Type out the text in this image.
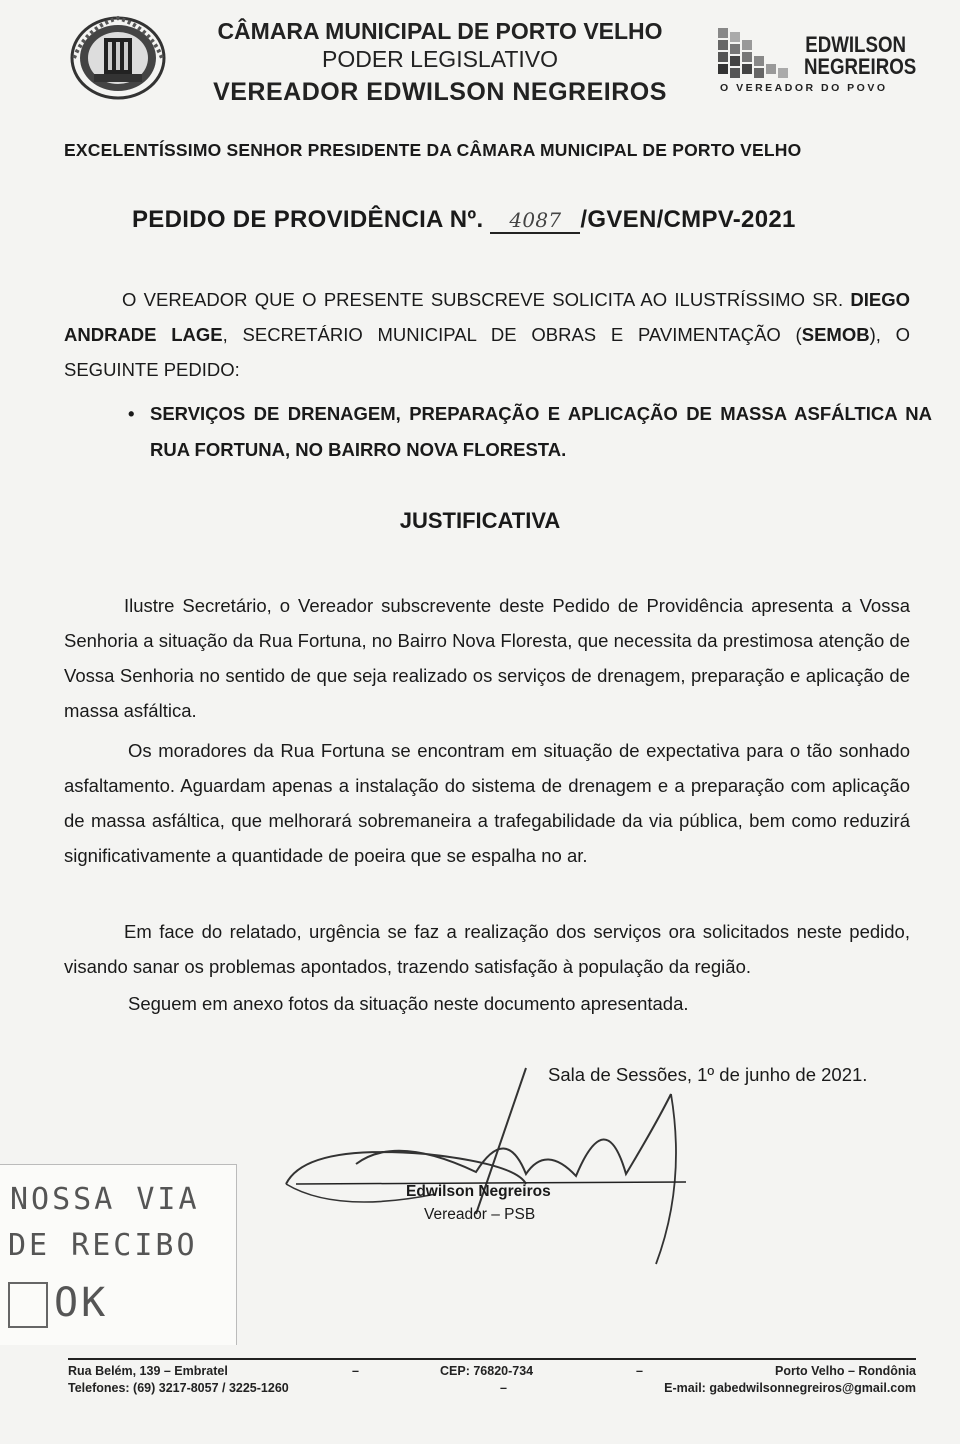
CÂMARA MUNICIPAL DE PORTO VELHO
PODER LEGISLATIVO
VEREADOR EDWILSON NEGREIROS
EDWILSON
NEGREIROS
O VEREADOR DO POVO
EXCELENTÍSSIMO SENHOR PRESIDENTE DA CÂMARA MUNICIPAL DE PORTO VELHO
PEDIDO DE PROVIDÊNCIA Nº. 4087 /GVEN/CMPV-2021
O VEREADOR QUE O PRESENTE SUBSCREVE SOLICITA AO ILUSTRÍSSIMO SR. DIEGO ANDRADE LAGE, SECRETÁRIO MUNICIPAL DE OBRAS E PAVIMENTAÇÃO (SEMOB), O SEGUINTE PEDIDO:
• SERVIÇOS DE DRENAGEM, PREPARAÇÃO E APLICAÇÃO DE MASSA ASFÁLTICA NA RUA FORTUNA, NO BAIRRO NOVA FLORESTA.
JUSTIFICATIVA
Ilustre Secretário, o Vereador subscrevente deste Pedido de Providência apresenta a Vossa Senhoria a situação da Rua Fortuna, no Bairro Nova Floresta, que necessita da prestimosa atenção de Vossa Senhoria no sentido de que seja realizado os serviços de drenagem, preparação e aplicação de massa asfáltica.
Os moradores da Rua Fortuna se encontram em situação de expectativa para o tão sonhado asfaltamento. Aguardam apenas a instalação do sistema de drenagem e a preparação com aplicação de massa asfáltica, que melhorará sobremaneira a trafegabilidade da via pública, bem como reduzirá significativamente a quantidade de poeira que se espalha no ar.
Em face do relatado, urgência se faz a realização dos serviços ora solicitados neste pedido, visando sanar os problemas apontados, trazendo satisfação à população da região.
Seguem em anexo fotos da situação neste documento apresentada.
Sala de Sessões, 1º de junho de 2021.
Edwilson Negreiros
Vereador – PSB
NOSSA VIA
DE RECIBO
OK
Rua Belém, 139 – Embratel
Telefones: (69) 3217-8057 / 3225-1260
–	CEP: 76820-734
–
–	Porto Velho – Rondônia
E-mail: gabedwilsonnegreiros@gmail.com
